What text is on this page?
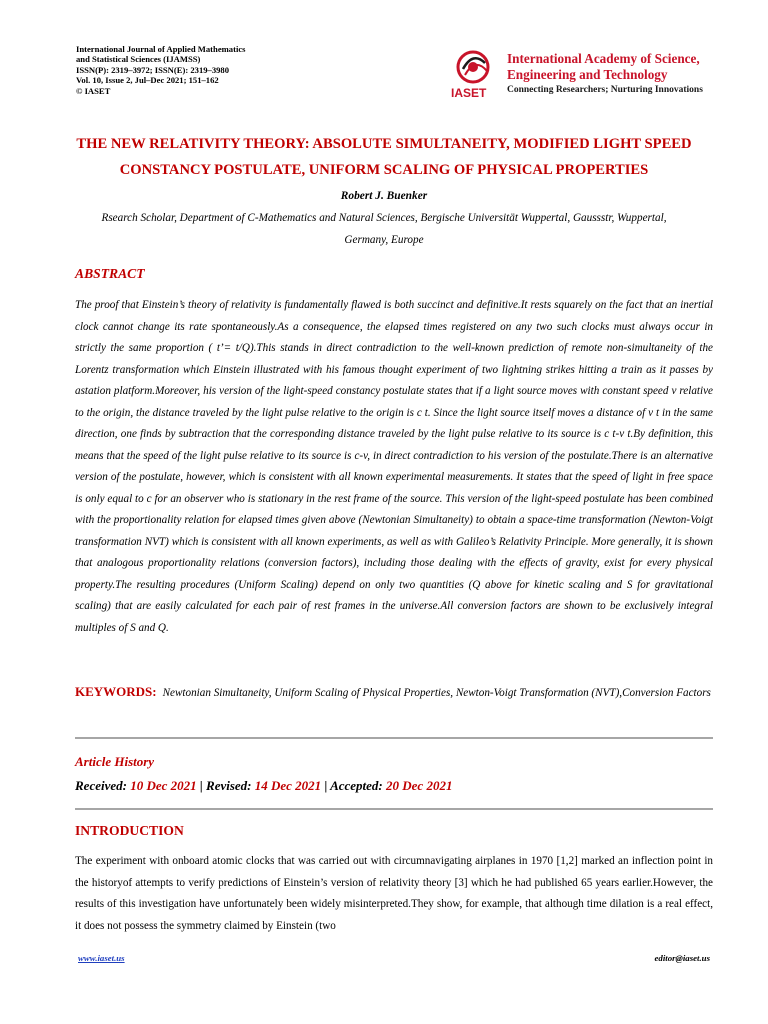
International Journal of Applied Mathematics
and Statistical Sciences (IJAMSS)
ISSN(P): 2319–3972; ISSN(E): 2319–3980
Vol. 10, Issue 2, Jul–Dec 2021; 151–162
© IASET	IASET
International Academy of Science,
Engineering and Technology
Connecting Researchers; Nurturing Innovations
THE NEW RELATIVITY THEORY: ABSOLUTE SIMULTANEITY, MODIFIED LIGHT SPEED CONSTANCY POSTULATE, UNIFORM SCALING OF PHYSICAL PROPERTIES
Robert J. Buenker
Rsearch Scholar, Department of C-Mathematics and Natural Sciences, Bergische Universität Wuppertal, Gaussstr, Wuppertal, Germany, Europe
ABSTRACT
The proof that Einstein’s theory of relativity is fundamentally flawed is both succinct and definitive.It rests squarely on the fact that an inertial clock cannot change its rate spontaneously.As a consequence, the elapsed times registered on any two such clocks must always occur in strictly the same proportion ( t’= t/Q).This stands in direct contradiction to the well-known prediction of remote non-simultaneity of the Lorentz transformation which Einstein illustrated with his famous thought experiment of two lightning strikes hitting a train as it passes by astation platform.Moreover, his version of the light-speed constancy postulate states that if a light source moves with constant speed v relative to the origin, the distance traveled by the light pulse relative to the origin is c t. Since the light source itself moves a distance of v t in the same direction, one finds by subtraction that the corresponding distance traveled by the light pulse relative to its source is c t-v t.By definition, this means that the speed of the light pulse relative to its source is c-v, in direct contradiction to his version of the postulate.There is an alternative version of the postulate, however, which is consistent with all known experimental measurements. It states that the speed of light in free space is only equal to c for an observer who is stationary in the rest frame of the source. This version of the light-speed postulate has been combined with the proportionality relation for elapsed times given above (Newtonian Simultaneity) to obtain a space-time transformation (Newton-Voigt transformation NVT) which is consistent with all known experiments, as well as with Galileo’s Relativity Principle. More generally, it is shown that analogous proportionality relations (conversion factors), including those dealing with the effects of gravity, exist for every physical property.The resulting procedures (Uniform Scaling) depend on only two quantities (Q above for kinetic scaling and S for gravitational scaling) that are easily calculated for each pair of rest frames in the universe.All conversion factors are shown to be exclusively integral multiples of S and Q.
KEYWORDS: Newtonian Simultaneity, Uniform Scaling of Physical Properties, Newton-Voigt Transformation (NVT),Conversion Factors
Article History
Received: 10 Dec 2021 | Revised: 14 Dec 2021 | Accepted: 20 Dec 2021
INTRODUCTION
The experiment with onboard atomic clocks that was carried out with circumnavigating airplanes in 1970 [1,2] marked an inflection point in the historyof attempts to verify predictions of Einstein’s version of relativity theory [3] which he had published 65 years earlier.However, the results of this investigation have unfortunately been widely misinterpreted.They show, for example, that although time dilation is a real effect, it does not possess the symmetry claimed by Einstein (two
www.iaset.us	editor@iaset.us
